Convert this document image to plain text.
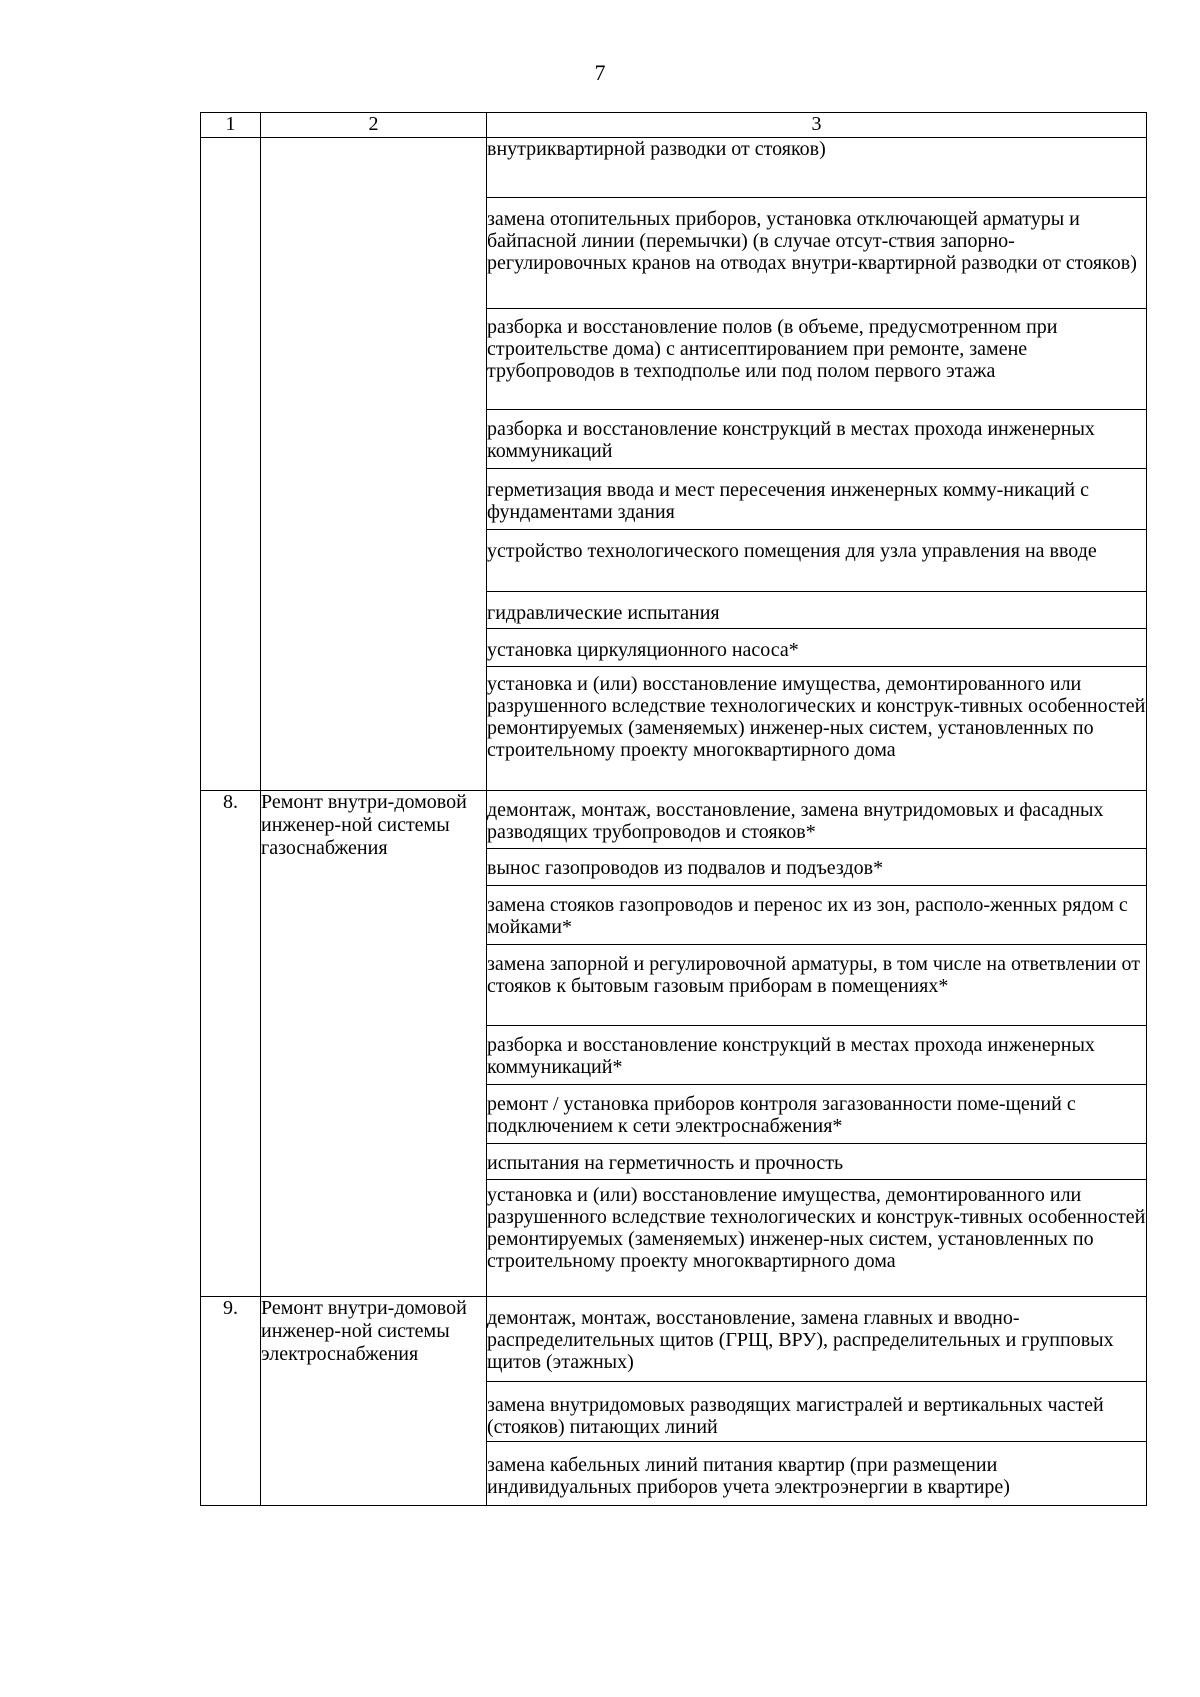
7
1	2	3
		внутриквартирной разводки от стояков)
		замена отопительных приборов, установка отключающей арматуры и байпасной линии (перемычки) (в случае отсут-ствия запорно-регулировочных кранов на отводах внутри-квартирной разводки от стояков)
		разборка и восстановление полов (в объеме, предусмотренном при строительстве дома) с антисептированием при ремонте, замене трубопроводов в техподполье или под полом первого этажа
		разборка и восстановление конструкций в местах прохода инженерных коммуникаций
		герметизация ввода и мест пересечения инженерных комму-никаций с фундаментами здания
		устройство технологического помещения для узла управления на вводе
		гидравлические испытания
		установка циркуляционного насоса*
		установка и (или) восстановление имущества, демонтированного или разрушенного вследствие технологических и конструк-тивных особенностей ремонтируемых (заменяемых) инженер-ных систем, установленных по строительному проекту многоквартирного дома
8.	Ремонт внутри-домовой инженер-ной системы газоснабжения	демонтаж, монтаж, восстановление, замена внутридомовых и фасадных разводящих трубопроводов и стояков*
		вынос газопроводов из подвалов и подъездов*
		замена стояков газопроводов и перенос их из зон, располо-женных рядом с мойками*
		замена запорной и регулировочной арматуры, в том числе на ответвлении от стояков к бытовым газовым приборам в помещениях*
		разборка и восстановление конструкций в местах прохода инженерных коммуникаций*
		ремонт / установка приборов контроля загазованности поме-щений с подключением к сети электроснабжения*
		испытания на герметичность и прочность
		установка и (или) восстановление имущества, демонтированного или разрушенного вследствие технологических и конструк-тивных особенностей ремонтируемых (заменяемых) инженер-ных систем, установленных по строительному проекту многоквартирного дома
9.	Ремонт внутри-домовой инженер-ной системы электроснабжения	демонтаж, монтаж, восстановление, замена главных и вводно-распределительных щитов (ГРЩ, ВРУ), распределительных и групповых щитов (этажных)
		замена внутридомовых разводящих магистралей и вертикальных частей (стояков) питающих линий
		замена кабельных линий питания квартир (при размещении индивидуальных приборов учета электроэнергии в квартире)
